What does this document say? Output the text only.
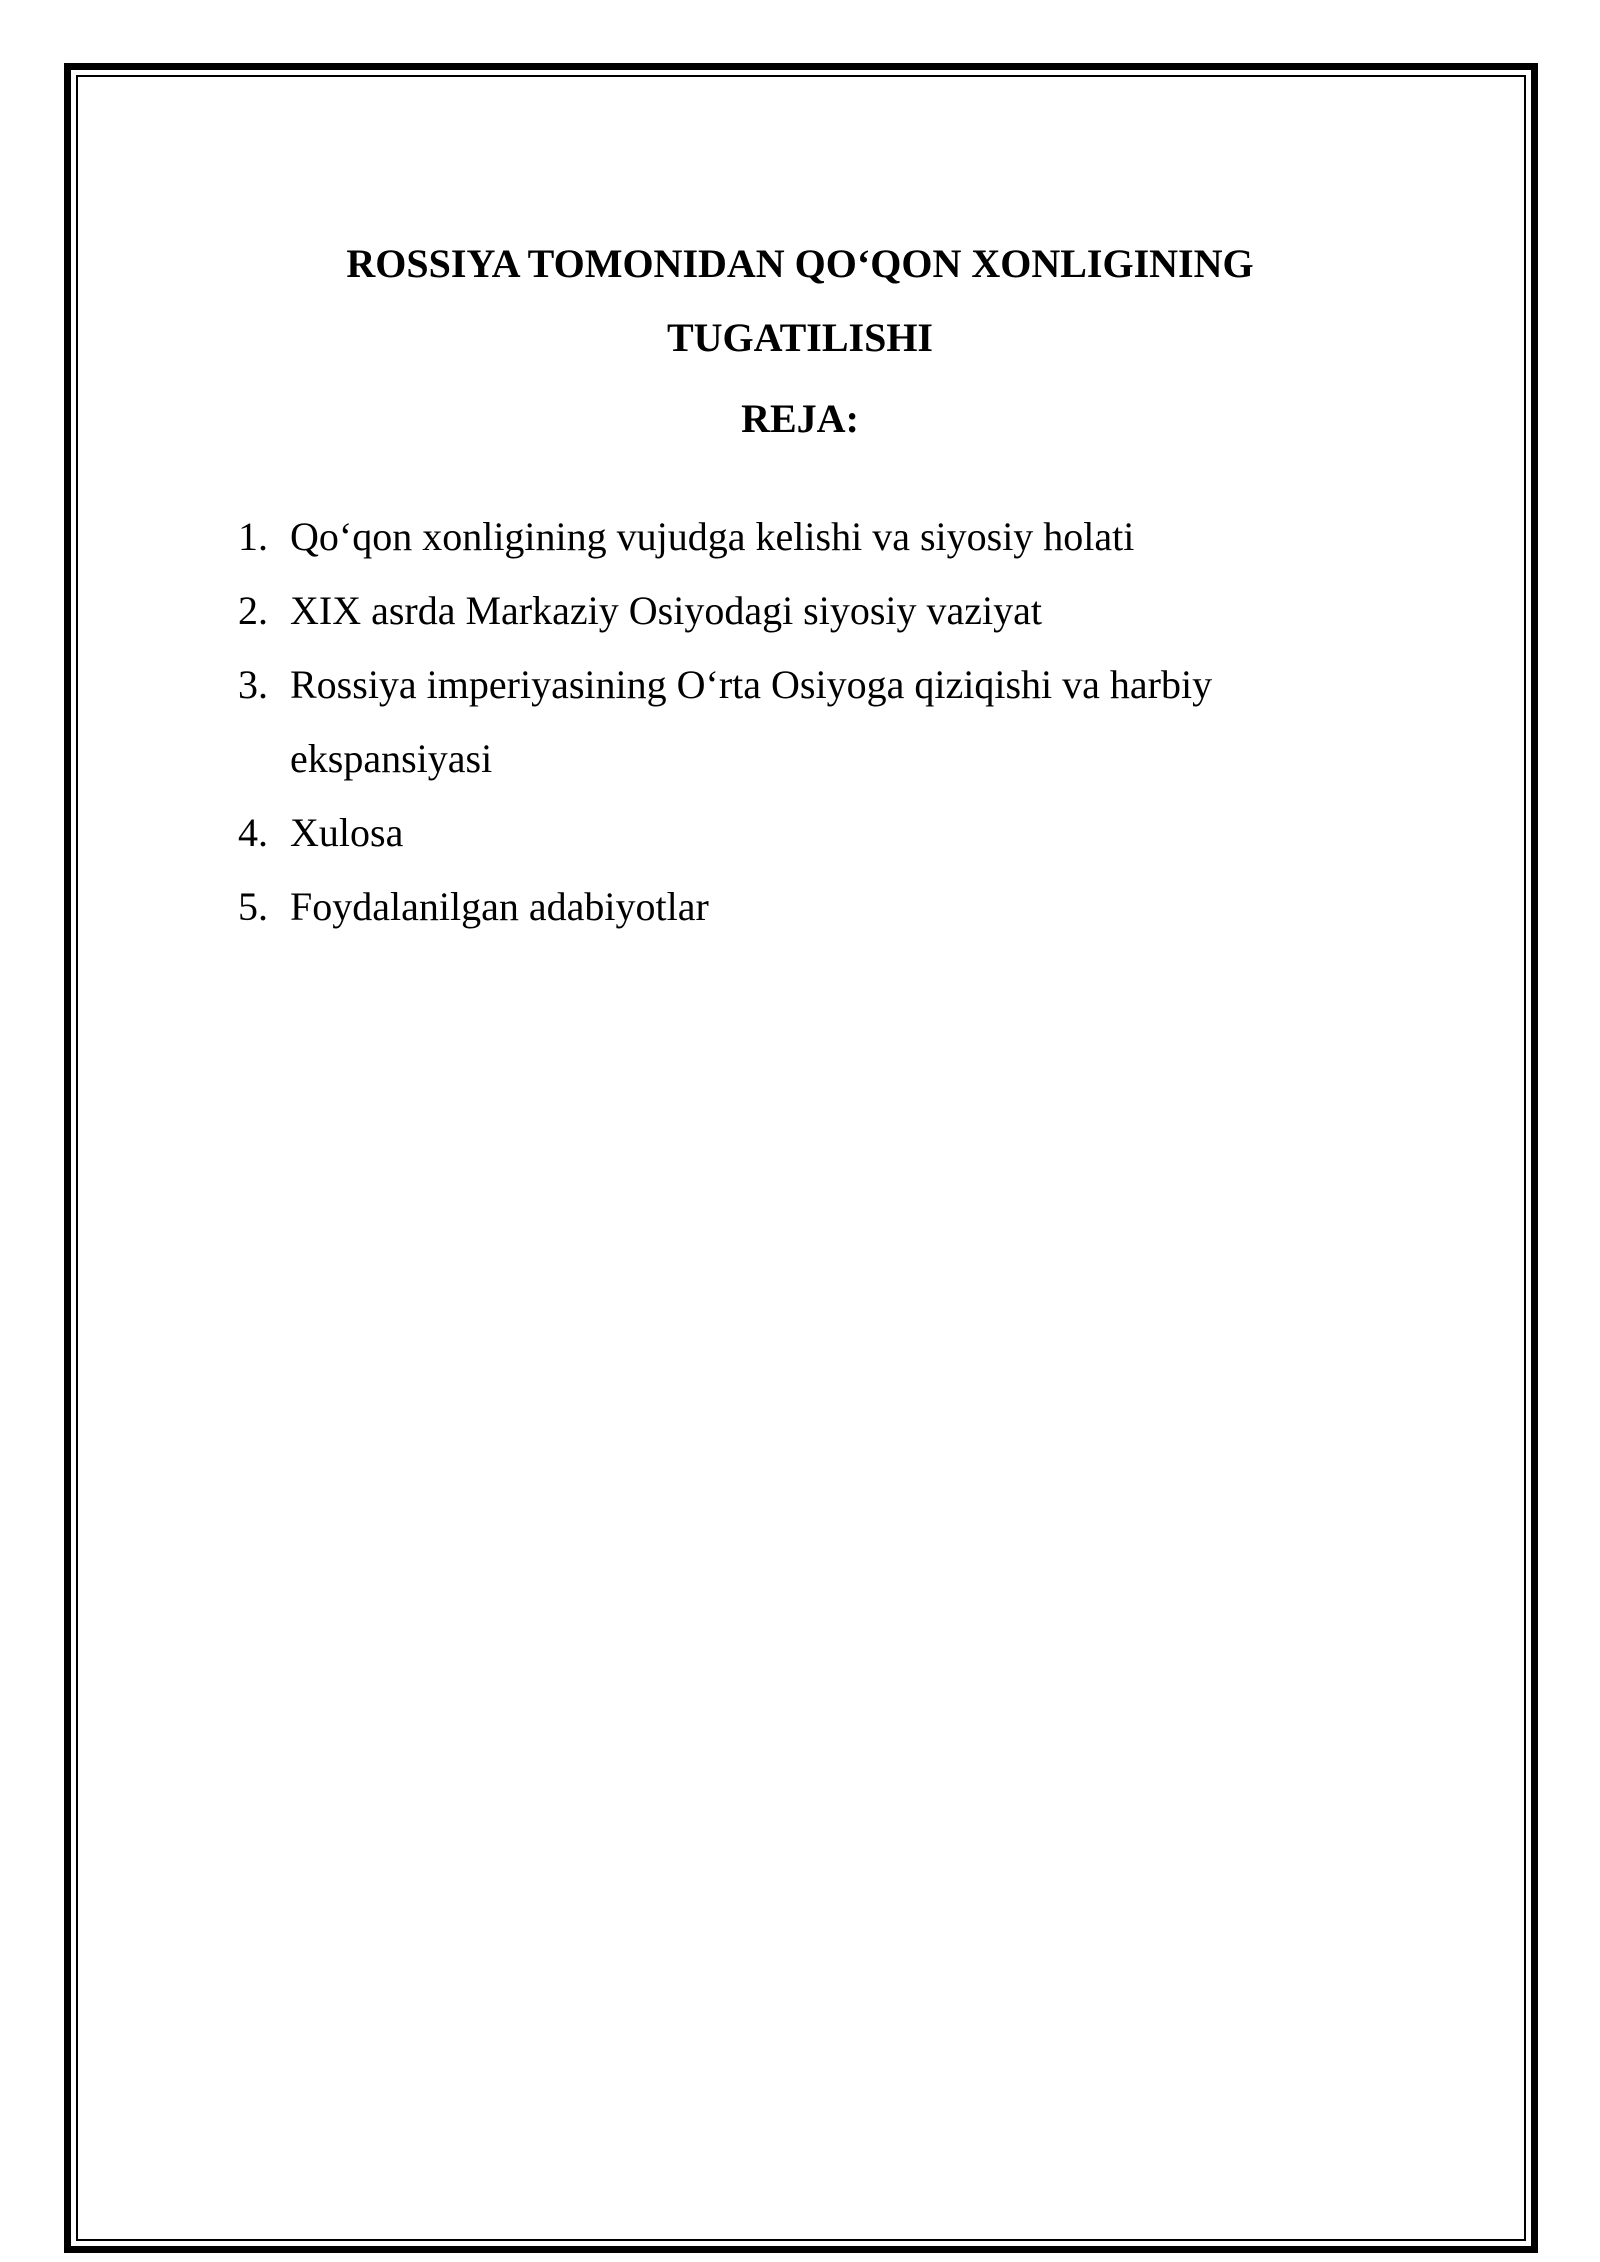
ROSSIYA TOMONIDAN QO‘QON XONLIGINING
TUGATILISHI
REJA:
1. Qo‘qon xonligining vujudga kelishi va siyosiy holati
2. XIX asrda Markaziy Osiyodagi siyosiy vaziyat
3. Rossiya imperiyasining O‘rta Osiyoga qiziqishi va harbiy ekspansiyasi
4. Xulosa
5. Foydalanilgan adabiyotlar
